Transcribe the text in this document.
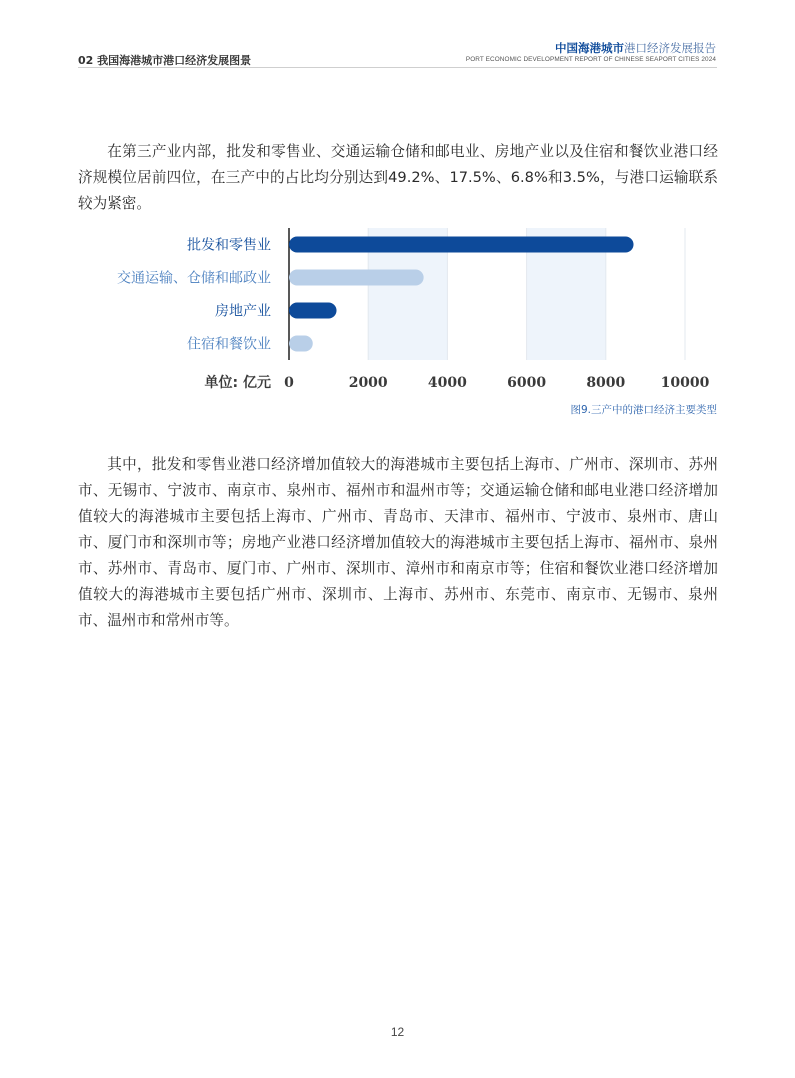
02 我国海港城市港口经济发展图景
中国海港城市港口经济发展报告
PORT ECONOMIC DEVELOPMENT REPORT OF CHINESE SEAPORT CITIES 2024

在第三产业内部，批发和零售业、交通运输仓储和邮电业、房地产业以及住宿和餐饮业港口经济规模位居前四位，在三产中的占比均分别达到49.2%、17.5%、6.8%和3.5%，与港口运输联系较为紧密。

批发和零售业
交通运输、仓储和邮政业
房地产业
住宿和餐饮业
0	2000	4000	6000	8000	10000
单位: 亿元
图9.三产中的港口经济主要类型

其中，批发和零售业港口经济增加值较大的海港城市主要包括上海市、广州市、深圳市、苏州市、无锡市、宁波市、南京市、泉州市、福州市和温州市等；交通运输仓储和邮电业港口经济增加值较大的海港城市主要包括上海市、广州市、青岛市、天津市、福州市、宁波市、泉州市、唐山市、厦门市和深圳市等；房地产业港口经济增加值较大的海港城市主要包括上海市、福州市、泉州市、苏州市、青岛市、厦门市、广州市、深圳市、漳州市和南京市等；住宿和餐饮业港口经济增加值较大的海港城市主要包括广州市、深圳市、上海市、苏州市、东莞市、南京市、无锡市、泉州市、温州市和常州市等。

12
